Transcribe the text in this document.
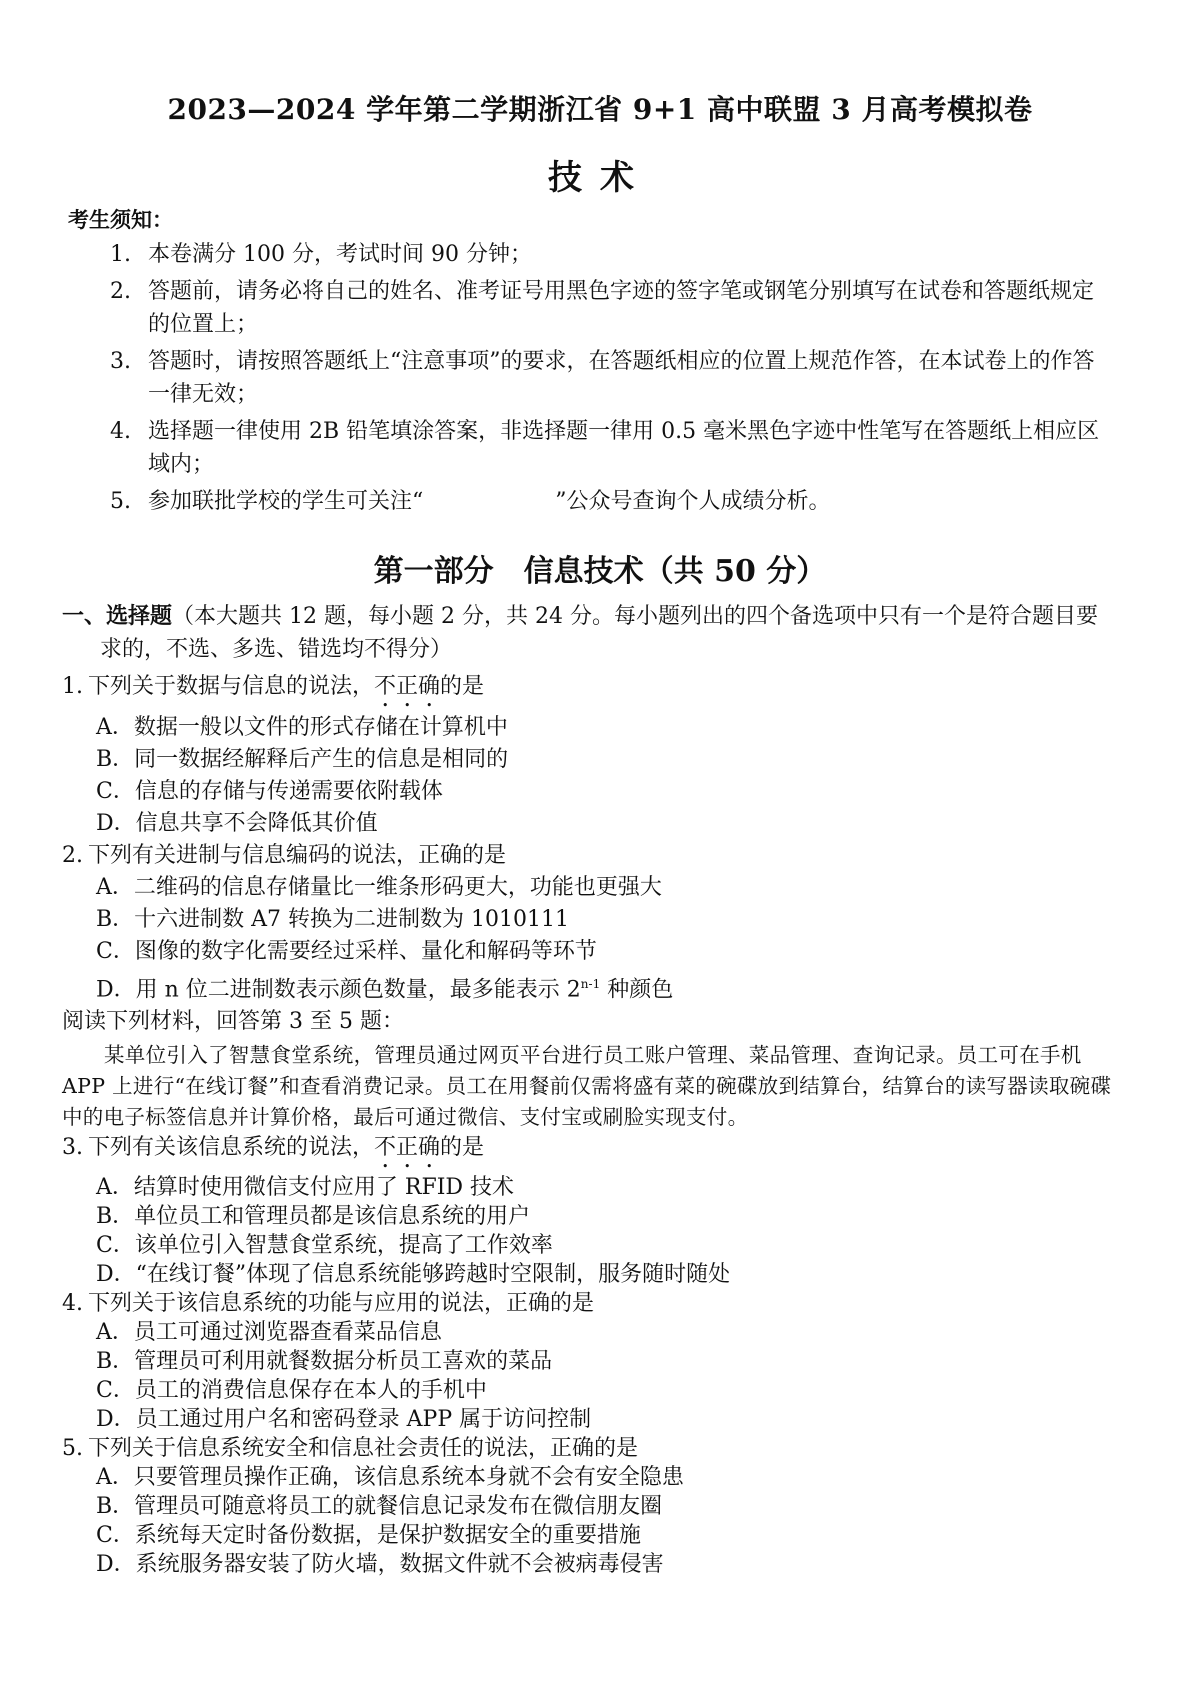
2023—2024 学年第二学期浙江省 9+1 高中联盟 3 月高考模拟卷
技术
考生须知：
1. 本卷满分 100 分，考试时间 90 分钟；
2. 答题前，请务必将自己的姓名、准考证号用黑色字迹的签字笔或钢笔分别填写在试卷和答题纸规定的位置上；
3. 答题时，请按照答题纸上“注意事项”的要求，在答题纸相应的位置上规范作答，在本试卷上的作答一律无效；
4. 选择题一律使用 2B 铅笔填涂答案，非选择题一律用 0.5 毫米黑色字迹中性笔写在答题纸上相应区域内；
5. 参加联批学校的学生可关注“　　　　　　”公众号查询个人成绩分析。
第一部分　信息技术（共 50 分）
一、选择题（本大题共 12 题，每小题 2 分，共 24 分。每小题列出的四个备选项中只有一个是符合题目要
求的，不选、多选、错选均不得分）
1. 下列关于数据与信息的说法，不正确的是
A．数据一般以文件的形式存储在计算机中
B．同一数据经解释后产生的信息是相同的
C．信息的存储与传递需要依附载体
D．信息共享不会降低其价值
2. 下列有关进制与信息编码的说法，正确的是
A．二维码的信息存储量比一维条形码更大，功能也更强大
B．十六进制数 A7 转换为二进制数为 1010111
C．图像的数字化需要经过采样、量化和解码等环节
D．用 n 位二进制数表示颜色数量，最多能表示 2$^{n-1}$ 种颜色
阅读下列材料，回答第 3 至 5 题：

某单位引入了智慧食堂系统，管理员通过网页平台进行员工账户管理、菜品管理、查询记录。员工可在手机 APP 上进行“在线订餐”和查看消费记录。员工在用餐前仅需将盛有菜的碗碟放到结算台，结算台的读写器读取碗碟中的电子标签信息并计算价格，最后可通过微信、支付宝或刷脸实现支付。

3. 下列有关该信息系统的说法，不正确的是
A．结算时使用微信支付应用了 RFID 技术
B．单位员工和管理员都是该信息系统的用户
C．该单位引入智慧食堂系统，提高了工作效率
D．“在线订餐”体现了信息系统能够跨越时空限制，服务随时随处
4. 下列关于该信息系统的功能与应用的说法，正确的是
A．员工可通过浏览器查看菜品信息
B．管理员可利用就餐数据分析员工喜欢的菜品
C．员工的消费信息保存在本人的手机中
D．员工通过用户名和密码登录 APP 属于访问控制
5. 下列关于信息系统安全和信息社会责任的说法，正确的是
A．只要管理员操作正确，该信息系统本身就不会有安全隐患
B．管理员可随意将员工的就餐信息记录发布在微信朋友圈
C．系统每天定时备份数据，是保护数据安全的重要措施
D．系统服务器安装了防火墙，数据文件就不会被病毒侵害
